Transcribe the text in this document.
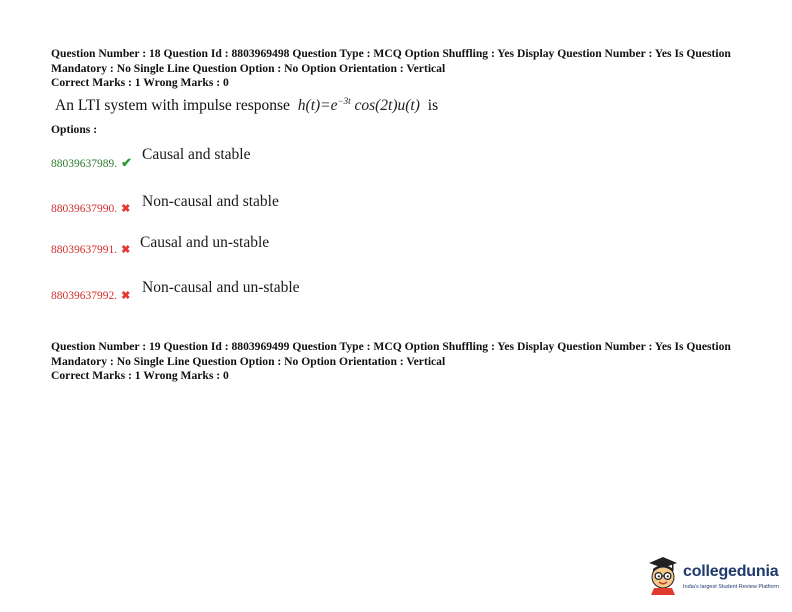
Question Number : 18 Question Id : 8803969498 Question Type : MCQ Option Shuffling : Yes Display Question Number : Yes Is Question Mandatory : No Single Line Question Option : No Option Orientation : Vertical
Correct Marks : 1 Wrong Marks : 0
An LTI system with impulse response $h(t)=e^{-3t}$ cos(2t)u(t) is
Options :
88039637989. ✔ Causal and stable
88039637990. ✖ Non-causal and stable
88039637991. ✖ Causal and un-stable
88039637992. ✖ Non-causal and un-stable
Question Number : 19 Question Id : 8803969499 Question Type : MCQ Option Shuffling : Yes Display Question Number : Yes Is Question Mandatory : No Single Line Question Option : No Option Orientation : Vertical
Correct Marks : 1 Wrong Marks : 0
collegedunia
India's largest Student Review Platform
